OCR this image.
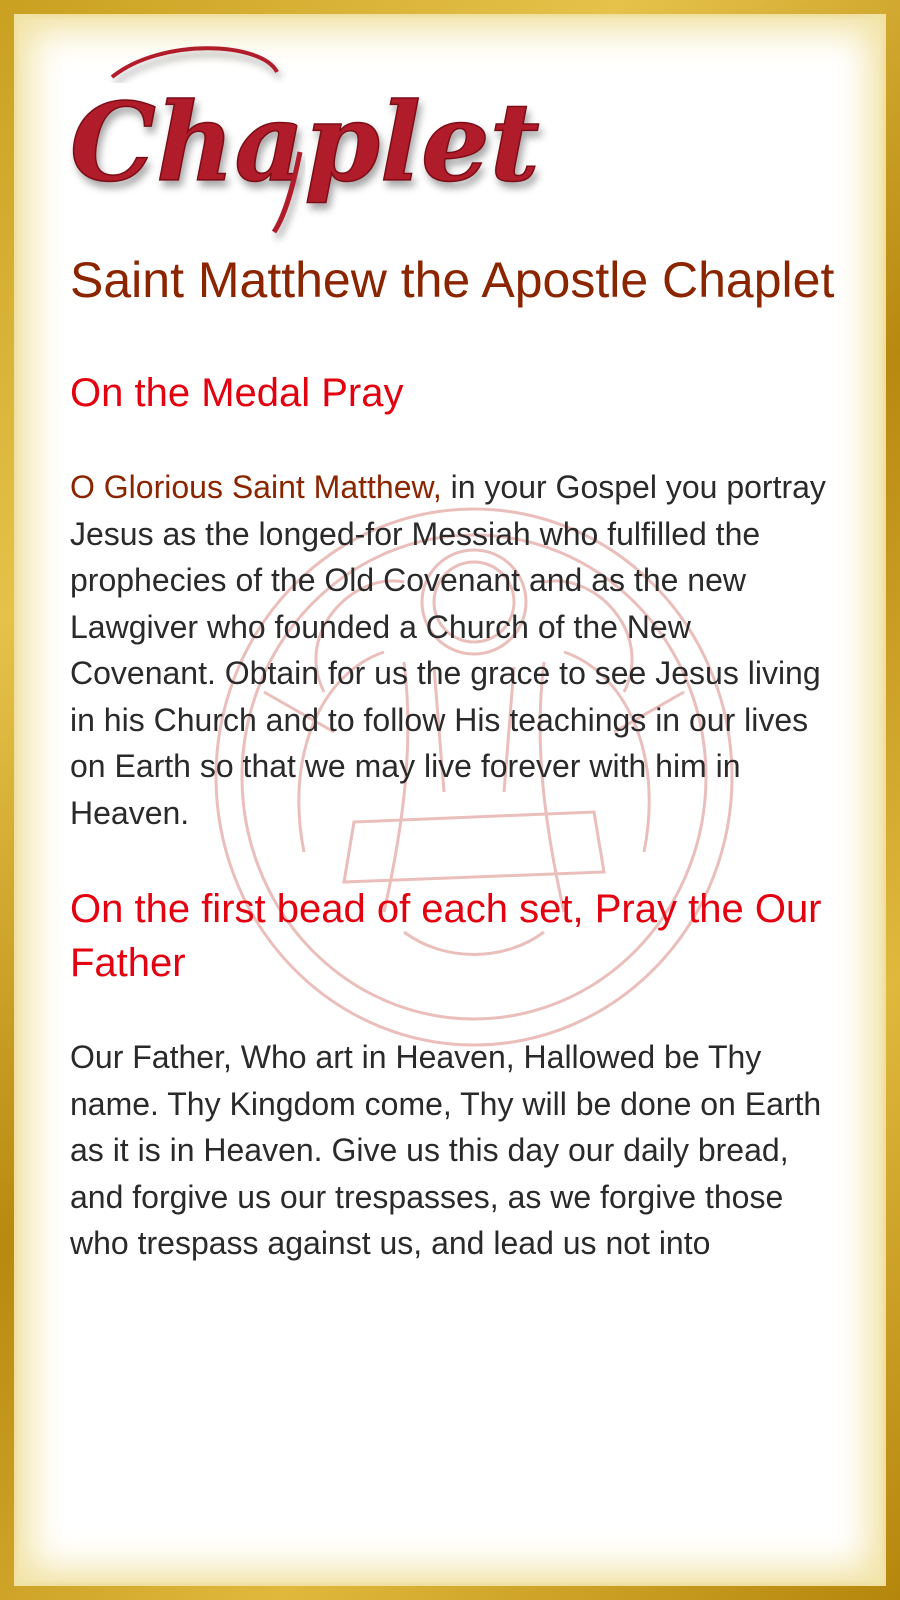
Chaplet
Saint Matthew the Apostle Chaplet
On the Medal Pray

O Glorious Saint Matthew, in your Gospel you portray Jesus as the longed-for Messiah who fulfilled the prophecies of the Old Covenant and as the new Lawgiver who founded a Church of the New Covenant. Obtain for us the grace to see Jesus living in his Church and to follow His teachings in our lives on Earth so that we may live forever with him in Heaven.

On the first bead of each set, Pray the Our Father

Our Father, Who art in Heaven, Hallowed be Thy name. Thy Kingdom come, Thy will be done on Earth as it is in Heaven. Give us this day our daily bread, and forgive us our trespasses, as we forgive those who trespass against us, and lead us not into
